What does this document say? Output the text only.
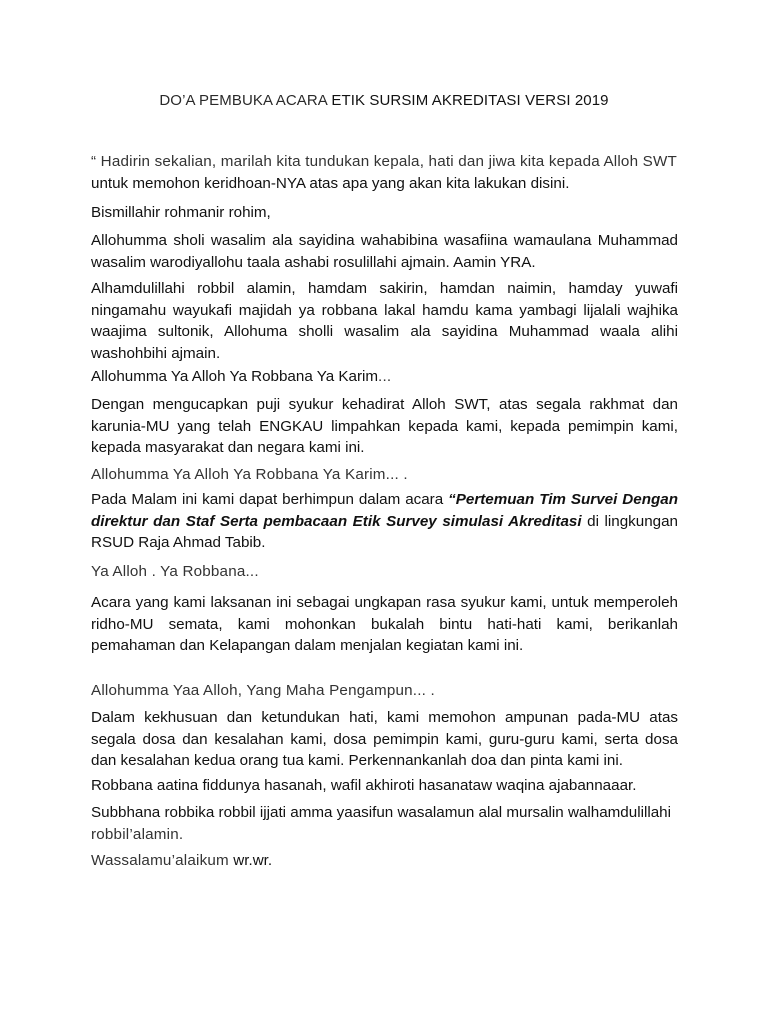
DO’A PEMBUKA ACARA ETIK SURSIM AKREDITASI VERSI 2019
“ Hadirin sekalian, marilah kita tundukan kepala, hati dan jiwa kita kepada Alloh SWT
untuk memohon keridhoan-NYA atas apa yang akan kita lakukan disini.
Bismillahir rohmanir rohim,
Allohumma sholi wasalim ala sayidina wahabibina wasafiina wamaulana Muhammad wasalim warodiyallohu taala ashabi rosulillahi ajmain. Aamin YRA.
Alhamdulillahi robbil alamin, hamdam sakirin, hamdan naimin, hamday yuwafi ningamahu wayukafi majidah ya robbana lakal hamdu kama yambagi lijalali wajhika waajima sultonik, Allohuma sholli wasalim ala sayidina Muhammad waala alihi washohbihi ajmain.
Allohumma Ya Alloh Ya Robbana Ya Karim...
Dengan mengucapkan puji syukur kehadirat Alloh SWT, atas segala rakhmat dan karunia-MU yang telah ENGKAU limpahkan kepada kami, kepada pemimpin kami, kepada masyarakat dan negara kami ini.
Allohumma Ya Alloh Ya Robbana Ya Karim... .
Pada Malam ini kami dapat berhimpun dalam acara “Pertemuan Tim Survei Dengan direktur dan Staf Serta pembacaan Etik Survey simulasi Akreditasi di lingkungan RSUD Raja Ahmad Tabib.
Ya Alloh . Ya Robbana...
Acara yang kami laksanan ini sebagai ungkapan rasa syukur kami, untuk memperoleh ridho-MU semata, kami mohonkan bukalah bintu hati-hati kami, berikanlah pemahaman dan Kelapangan dalam menjalan kegiatan kami ini.
Allohumma Yaa Alloh, Yang Maha Pengampun... .
Dalam kekhusuan dan ketundukan hati, kami memohon ampunan pada-MU atas segala dosa dan kesalahan kami, dosa pemimpin kami, guru-guru kami, serta dosa dan kesalahan kedua orang tua kami. Perkennankanlah doa dan pinta kami ini.
Robbana aatina fiddunya hasanah, wafil akhiroti hasanataw waqina ajabannaaar.
Subbhana robbika robbil ijjati amma yaasifun wasalamun alal mursalin walhamdulillahi
robbil’alamin.
Wassalamu’alaikum wr.wr.
